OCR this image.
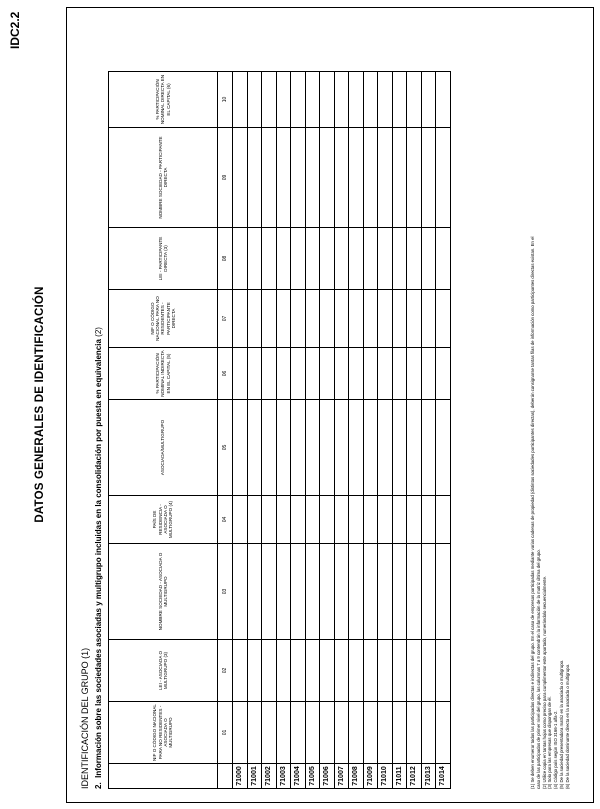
IDC2.2
DATOS GENERALES DE IDENTIFICACIÓN
IDENTIFICACIÓN DEL GRUPO (1) 2.  Información sobre las sociedades asociadas y multigrupo incluidas en la consolidación por puesta en equivalencia (2)
	NIF O CÓDIGO NACIONAL PARA NO RESIDENTES - ASOCIADA O MULTIGRUPO	LEI - ASOCIADA O MULTIGRUPO (3)	NOMBRE SOCIEDAD - ASOCIADA O MULTIGRUPO	PAÍS DE RESIDENCIA - ASOCIADA O MULTIGRUPO (4)	ASOCIADA/MULTIGRUPO	% PARTICIPACIÓN NOMINAL INDIRECTA EN EL CAPITAL (5)	NIF O CÓDIGO NACIONAL PARA NO RESIDENTES - PARTICIPANTE DIRECTA	LEI - PARTICIPANTE DIRECTA (3)	NOMBRE SOCIEDAD - PARTICIPANTE DIRECTA	% PARTICIPACIÓN NOMINAL DIRECTA EN EL CAPITAL (6)
	01	02	03	04	05	06	07	08	09	10
71000										
71001										
71002										
71003										
71004										
71005										
71006										
71007										
71008										
71009										
71010										
71011										
71012										
71013										
71014											(1) Se deben enumerar todas las participadas directas e indirectas del grupo. En el caso de empresas participadas mediante varias cadenas de propiedad (distintas sociedades participantes directas), deberán consignarse tantas filas de información como participantes directas existan. En el caso de las participadas de primer nivel del grupo, las columnas 7 a 9 contendrán la información de la matriz última del grupo. (2) Utilice copia en tantas hojas como preciso para cumplimentar este apartado, numerándolo secuencialmente. (3) Solo para las empresas que dispongan de él. (4) Código país según ISO 3166-1 alfa-2. (5) De la sociedad presentadora matriz en la asociada o multigrupo. (6) De la sociedad dominante directa en la asociada o multigrupo.
